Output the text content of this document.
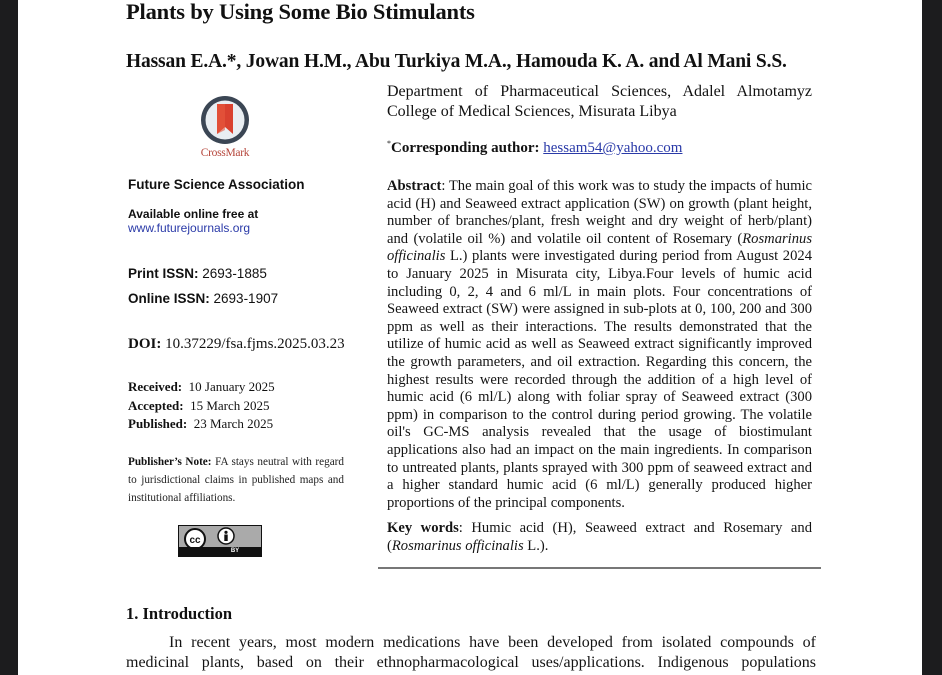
Plants by Using Some Bio Stimulants
Hassan E.A.*, Jowan H.M., Abu Turkiya M.A., Hamouda K. A. and Al Mani S.S.
CrossMark
Future Science Association
Available online free at
www.futurejournals.org
Print ISSN: 2693-1885
Online ISSN: 2693-1907
DOI: 10.37229/fsa.fjms.2025.03.23
Received: 10 January 2025
Accepted: 15 March 2025
Published: 23 March 2025
Publisher’s Note: FA stays neutral with regard to jurisdictional claims in published maps and institutional affiliations.
cc
BY
Department of Pharmaceutical Sciences, Adalel Almotamyz
College of Medical Sciences, Misurata Libya
*Corresponding author: hessam54@yahoo.com
Abstract: The main goal of this work was to study the impacts of humic acid (H) and Seaweed extract application (SW) on growth (plant height, number of branches/plant, fresh weight and dry weight of herb/plant) and (volatile oil %) and volatile oil content of Rosemary (Rosmarinus officinalis L.) plants were investigated during period from August 2024 to January 2025 in Misurata city, Libya.Four levels of humic acid including 0, 2, 4 and 6 ml/L in main plots. Four concentrations of Seaweed extract (SW) were assigned in sub-plots at 0, 100, 200 and 300 ppm as well as their interactions. The results demonstrated that the utilize of humic acid as well as Seaweed extract significantly improved the growth parameters, and oil extraction. Regarding this concern, the highest results were recorded through the addition of a high level of humic acid (6 ml/L) along with foliar spray of Seaweed extract (300 ppm) in comparison to the control during period growing. The volatile oil's GC-MS analysis revealed that the usage of biostimulant applications also had an impact on the main ingredients. In comparison to untreated plants, plants sprayed with 300 ppm of seaweed extract and a higher standard humic acid (6 ml/L) generally produced higher proportions of the principal components.
Key words: Humic acid (H), Seaweed extract and Rosemary and
(Rosmarinus officinalis L.).
1. Introduction
In recent years, most modern medications have been developed from isolated compounds of
medicinal plants, based on their ethnopharmacological uses/applications. Indigenous populations
